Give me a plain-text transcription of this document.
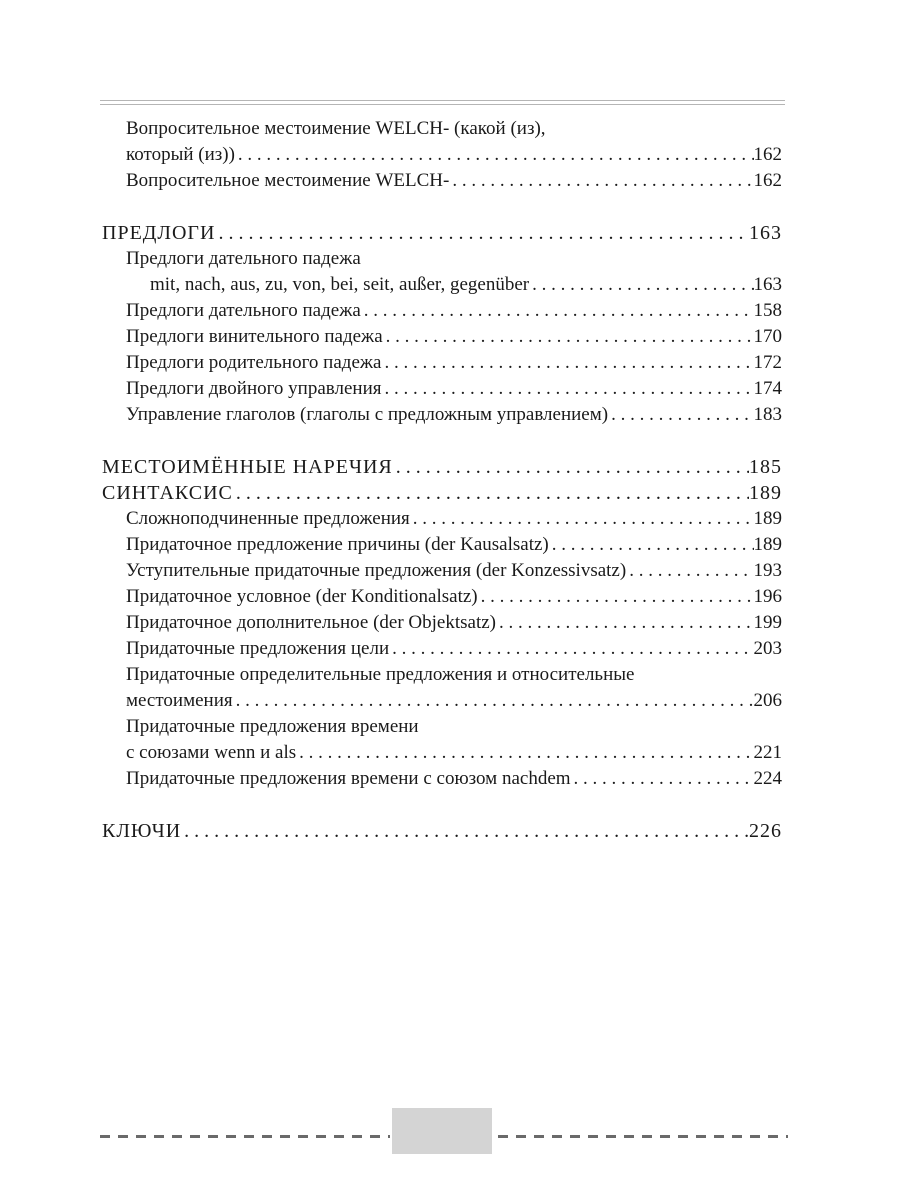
Вопросительное местоимение WELCH- (какой (из),
который (из)) . . .	162
Вопросительное местоимение WELCH- . . .	162
ПРЕДЛОГИ . . .	163
Предлоги дательного падежа
mit, nach, aus, zu, von, bei, seit, außer, gegenüber . . .	163
Предлоги дательного падежа . . .	158
Предлоги винительного падежа . . .	170
Предлоги родительного падежа . . .	172
Предлоги двойного управления . . .	174
Управление глаголов (глаголы с предложным управлением) . . .	183
МЕСТОИМЁННЫЕ НАРЕЧИЯ . . .	185
СИНТАКСИС . . .	189
Сложноподчиненные предложения . . .	189
Придаточное предложение причины (der Kausalsatz) . . .	189
Уступительные придаточные предложения (der Konzessivsatz) . . .	193
Придаточное условное (der Konditionalsatz) . . .	196
Придаточное дополнительное (der Objektsatz) . . .	199
Придаточные предложения цели . . .	203
Придаточные определительные предложения и относительные
местоимения . . .	206
Придаточные предложения времени
с союзами wenn и als . . .	221
Придаточные предложения времени с союзом nachdem . . .	224
КЛЮЧИ . . .	226
